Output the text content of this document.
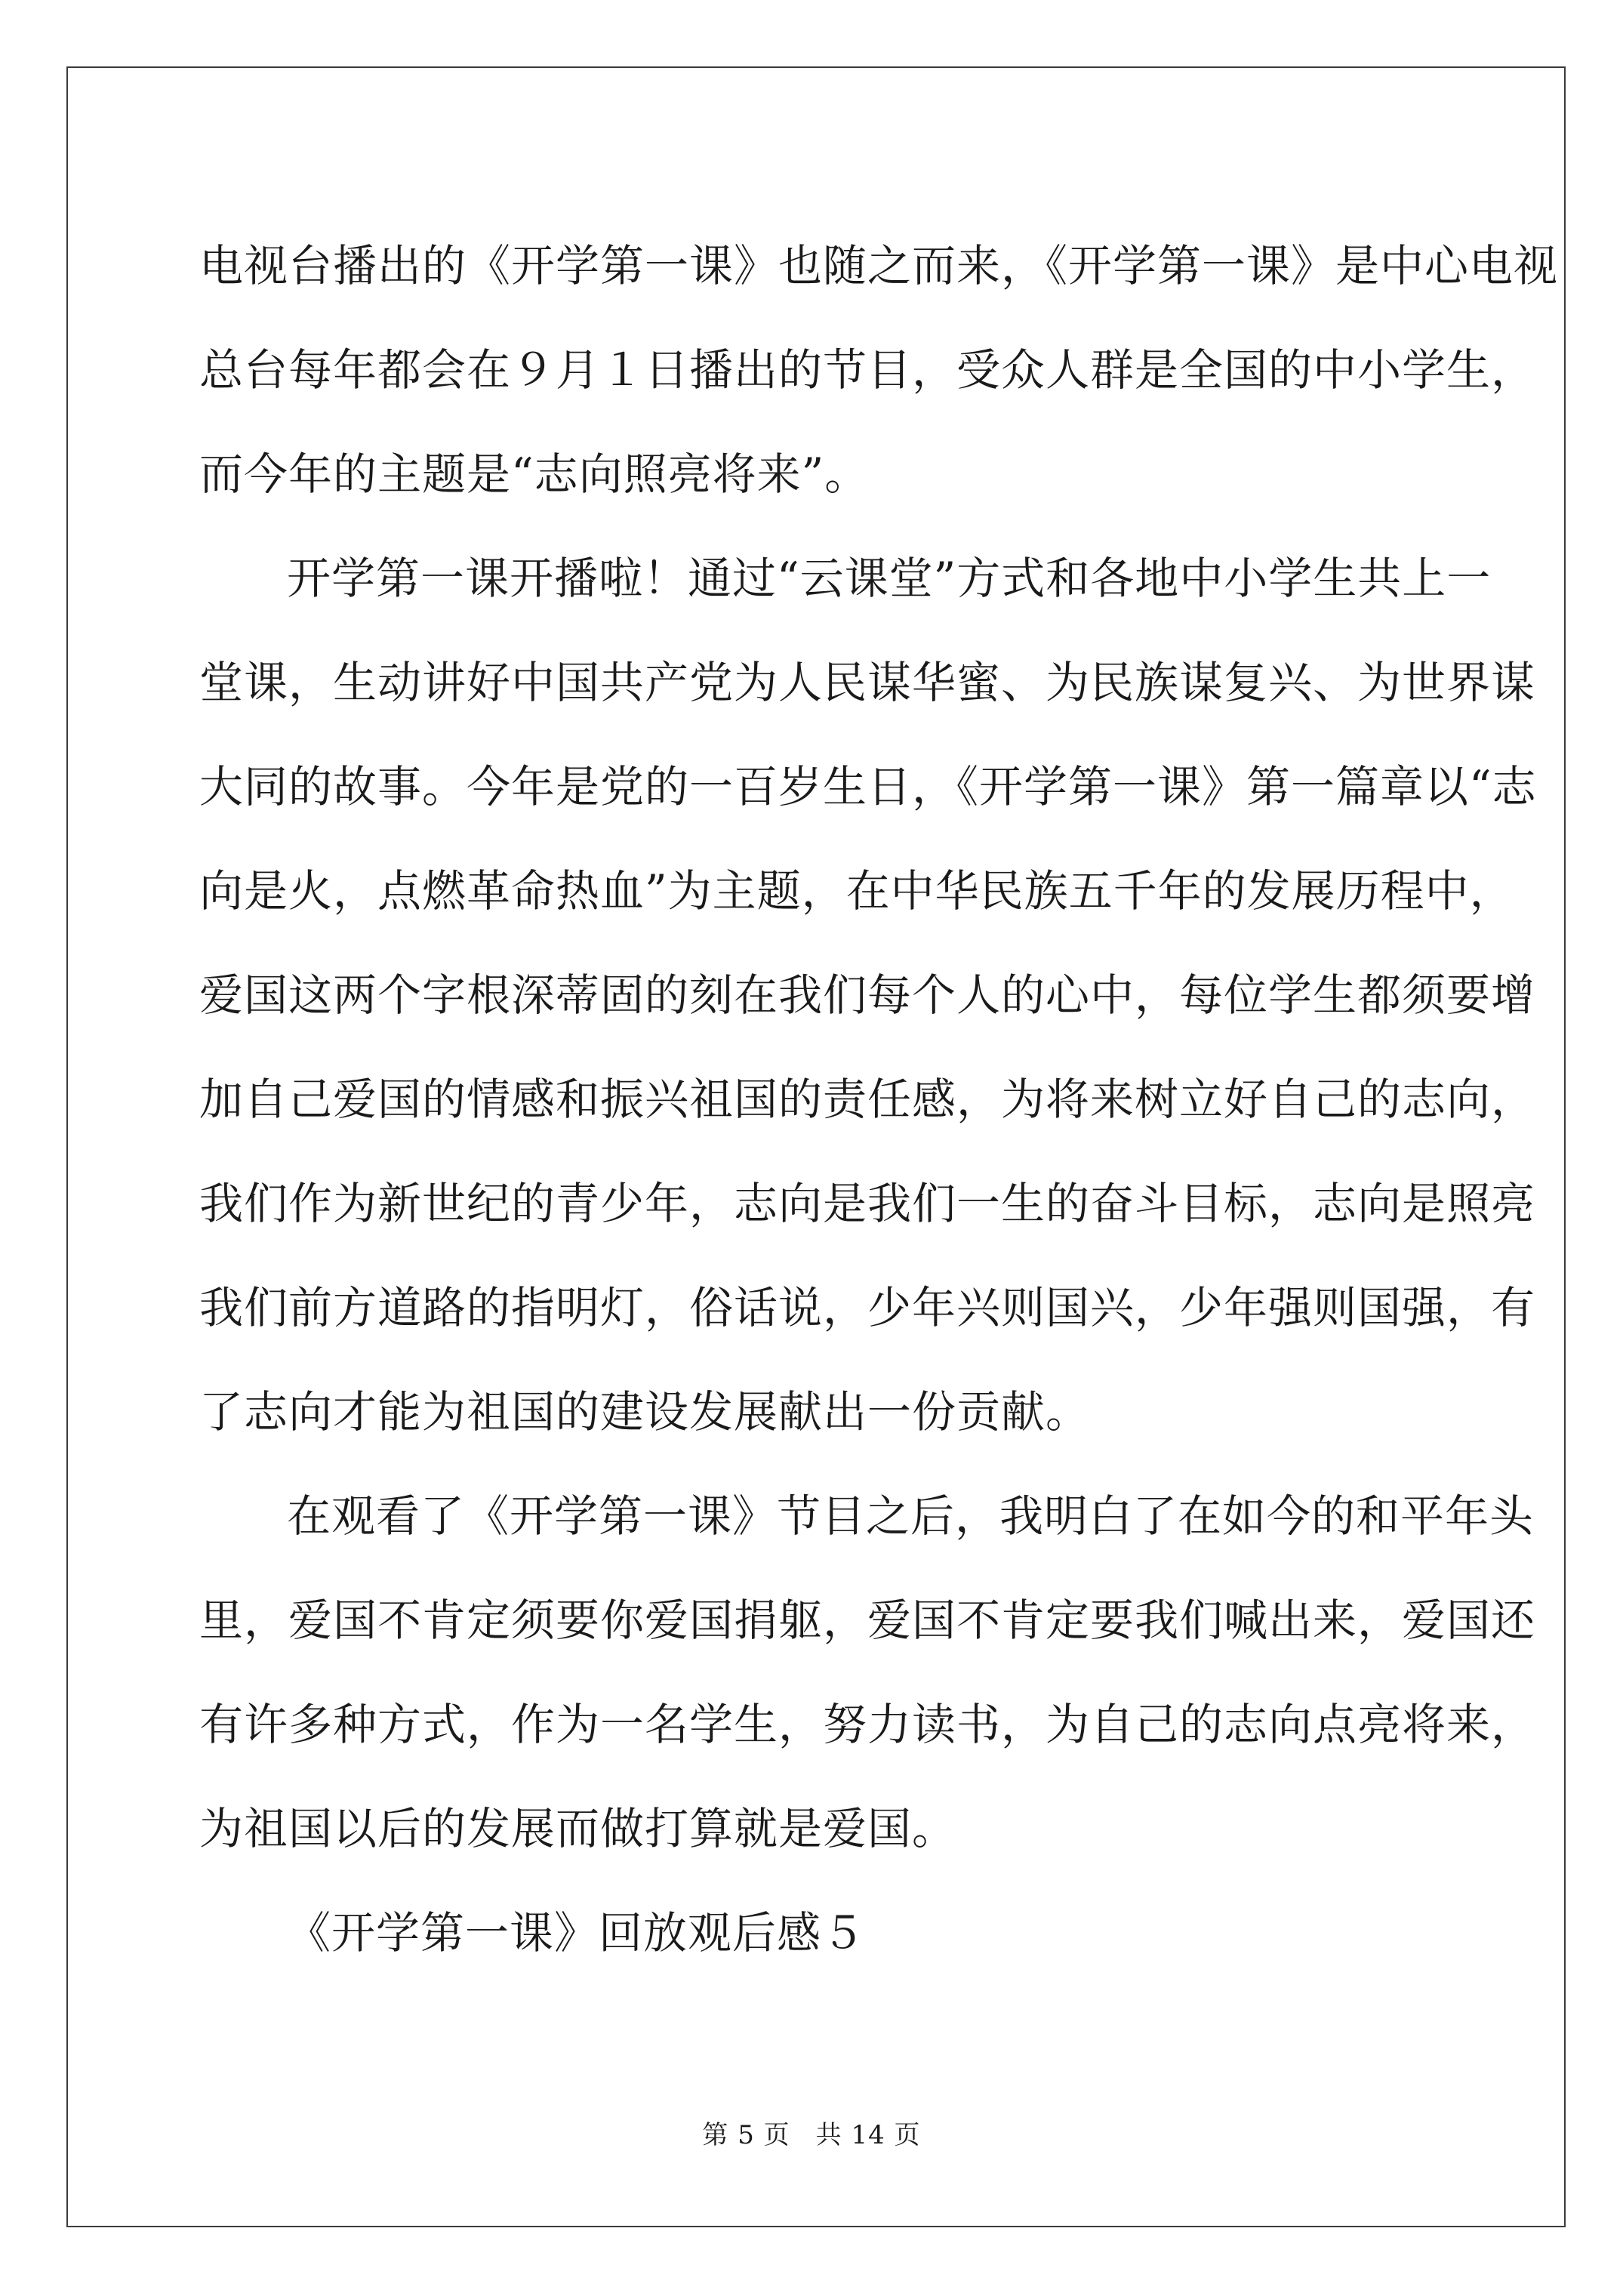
电视台播出的《开学第一课》也随之而来，《开学第一课》是中心电视
总台每年都会在９月１日播出的节目，受众人群是全国的中小学生，
而今年的主题是“志向照亮将来”。
开学第一课开播啦！通过“云课堂”方式和各地中小学生共上一
堂课，生动讲好中国共产党为人民谋华蜜、为民族谋复兴、为世界谋
大同的故事。今年是党的一百岁生日，《开学第一课》第一篇章以“志
向是火，点燃革命热血”为主题，在中华民族五千年的发展历程中，
爱国这两个字根深蒂固的刻在我们每个人的心中，每位学生都须要增
加自己爱国的情感和振兴祖国的责任感，为将来树立好自己的志向，
我们作为新世纪的青少年，志向是我们一生的奋斗目标，志向是照亮
我们前方道路的指明灯，俗话说，少年兴则国兴，少年强则国强，有
了志向才能为祖国的建设发展献出一份贡献。
在观看了《开学第一课》节目之后，我明白了在如今的和平年头
里，爱国不肯定须要你爱国捐躯，爱国不肯定要我们喊出来，爱国还
有许多种方式，作为一名学生，努力读书，为自己的志向点亮将来，
为祖国以后的发展而做打算就是爱国。
《开学第一课》回放观后感５
第 5 页 共 14 页
